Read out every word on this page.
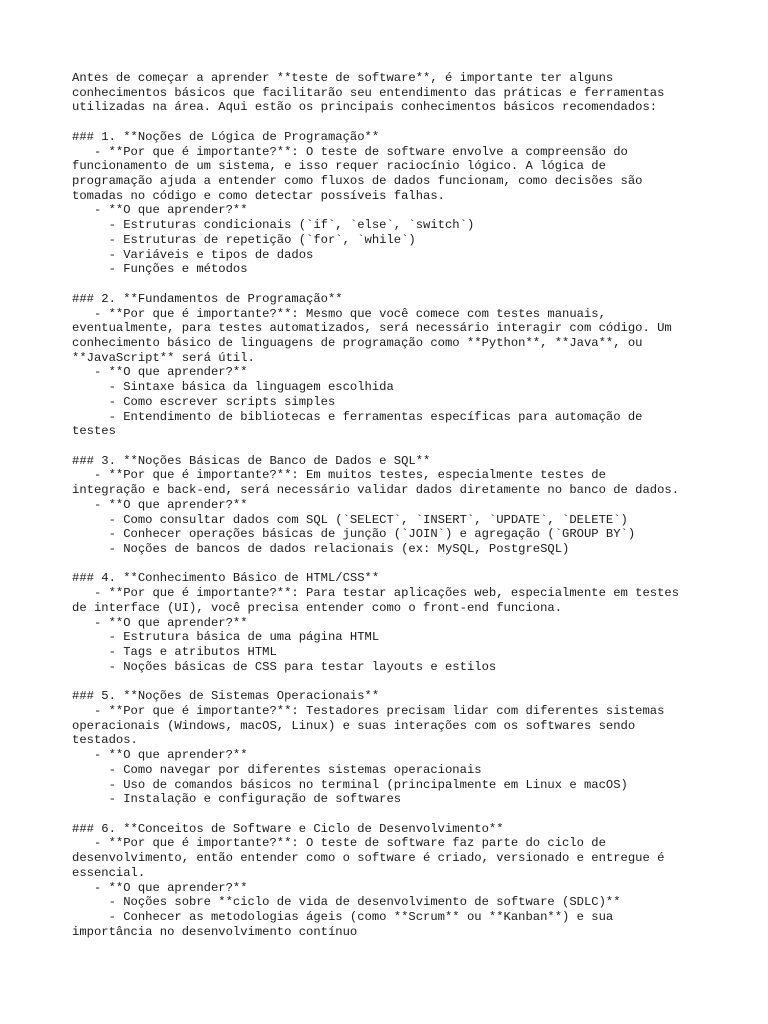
Antes de começar a aprender **teste de software**, é importante ter alguns

conhecimentos básicos que facilitarão seu entendimento das práticas e ferramentas

utilizadas na área. Aqui estão os principais conhecimentos básicos recomendados:

### 1. **Noções de Lógica de Programação**

- **Por que é importante?**: O teste de software envolve a compreensão do

funcionamento de um sistema, e isso requer raciocínio lógico. A lógica de

programação ajuda a entender como fluxos de dados funcionam, como decisões são

tomadas no código e como detectar possíveis falhas.

- **O que aprender?**

- Estruturas condicionais (`if`, `else`, `switch`)

- Estruturas de repetição (`for`, `while`)

- Variáveis e tipos de dados

- Funções e métodos

### 2. **Fundamentos de Programação**

- **Por que é importante?**: Mesmo que você comece com testes manuais,

eventualmente, para testes automatizados, será necessário interagir com código. Um

conhecimento básico de linguagens de programação como **Python**, **Java**, ou

**JavaScript** será útil.

- **O que aprender?**

- Sintaxe básica da linguagem escolhida

- Como escrever scripts simples

- Entendimento de bibliotecas e ferramentas específicas para automação de

testes

### 3. **Noções Básicas de Banco de Dados e SQL**

- **Por que é importante?**: Em muitos testes, especialmente testes de

integração e back-end, será necessário validar dados diretamente no banco de dados.

- **O que aprender?**

- Como consultar dados com SQL (`SELECT`, `INSERT`, `UPDATE`, `DELETE`)

- Conhecer operações básicas de junção (`JOIN`) e agregação (`GROUP BY`)

- Noções de bancos de dados relacionais (ex: MySQL, PostgreSQL)

### 4. **Conhecimento Básico de HTML/CSS**

- **Por que é importante?**: Para testar aplicações web, especialmente em testes

de interface (UI), você precisa entender como o front-end funciona.

- **O que aprender?**

- Estrutura básica de uma página HTML

- Tags e atributos HTML

- Noções básicas de CSS para testar layouts e estilos

### 5. **Noções de Sistemas Operacionais**

- **Por que é importante?**: Testadores precisam lidar com diferentes sistemas

operacionais (Windows, macOS, Linux) e suas interações com os softwares sendo

testados.

- **O que aprender?**

- Como navegar por diferentes sistemas operacionais

- Uso de comandos básicos no terminal (principalmente em Linux e macOS)

- Instalação e configuração de softwares

### 6. **Conceitos de Software e Ciclo de Desenvolvimento**

- **Por que é importante?**: O teste de software faz parte do ciclo de

desenvolvimento, então entender como o software é criado, versionado e entregue é

essencial.

- **O que aprender?**

- Noções sobre **ciclo de vida de desenvolvimento de software (SDLC)**

- Conhecer as metodologias ágeis (como **Scrum** ou **Kanban**) e sua

importância no desenvolvimento contínuo
